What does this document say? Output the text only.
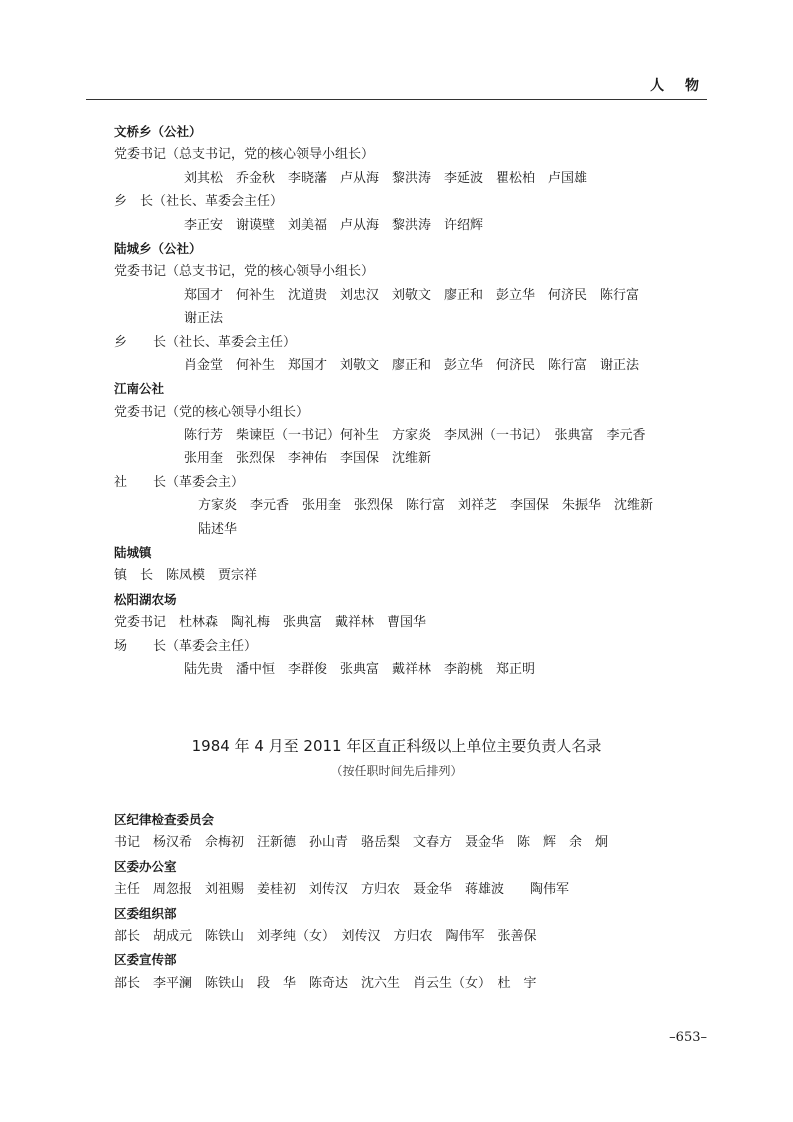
人 物
文桥乡（公社）
党委书记（总支书记，党的核心领导小组长）
刘其松　乔金秋　李晓藩　卢从海　黎洪涛　李延波　瞿松柏　卢国雄
乡　长（社长、革委会主任）
李正安　谢谟壁　刘美福　卢从海　黎洪涛　许绍辉
陆城乡（公社）
党委书记（总支书记，党的核心领导小组长）
郑国才　何补生　沈道贵　刘忠汉　刘敬文　廖正和　彭立华　何济民　陈行富
谢正法
乡　　长（社长、革委会主任）
肖金堂　何补生　郑国才　刘敬文　廖正和　彭立华　何济民　陈行富　谢正法
江南公社
党委书记（党的核心领导小组长）
陈行芳　柴谏臣（一书记）何补生　方家炎　李凤洲（一书记）　张典富　李元香
张用奎　张烈保　李神佑　李国保　沈维新
社　　长（革委会主）
方家炎　李元香　张用奎　张烈保　陈行富　刘祥芝　李国保　朱振华　沈维新
陆述华
陆城镇
镇　长　陈凤模　贾宗祥
松阳湖农场
党委书记　杜林森　陶礼梅　张典富　戴祥林　曹国华
场　　长（革委会主任）
陆先贵　潘中恒　李群俊　张典富　戴祥林　李韵桃　郑正明
1984 年 4 月至 2011 年区直正科级以上单位主要负责人名录
（按任职时间先后排列）
区纪律检查委员会
书记　杨汉希　佘梅初　汪新德　孙山青　骆岳梨　文春方　聂金华　陈　辉　余　炯
区委办公室
主任　周忽报　刘祖赐　姜桂初　刘传汉　方归农　聂金华　蒋雄波　　陶伟军
区委组织部
部长　胡成元　陈铁山　刘孝纯（女）　刘传汉　方归农　陶伟军　张善保
区委宣传部
部长　李平澜　陈铁山　段　华　陈奇达　沈六生　肖云生（女）　杜　宇
–653–
